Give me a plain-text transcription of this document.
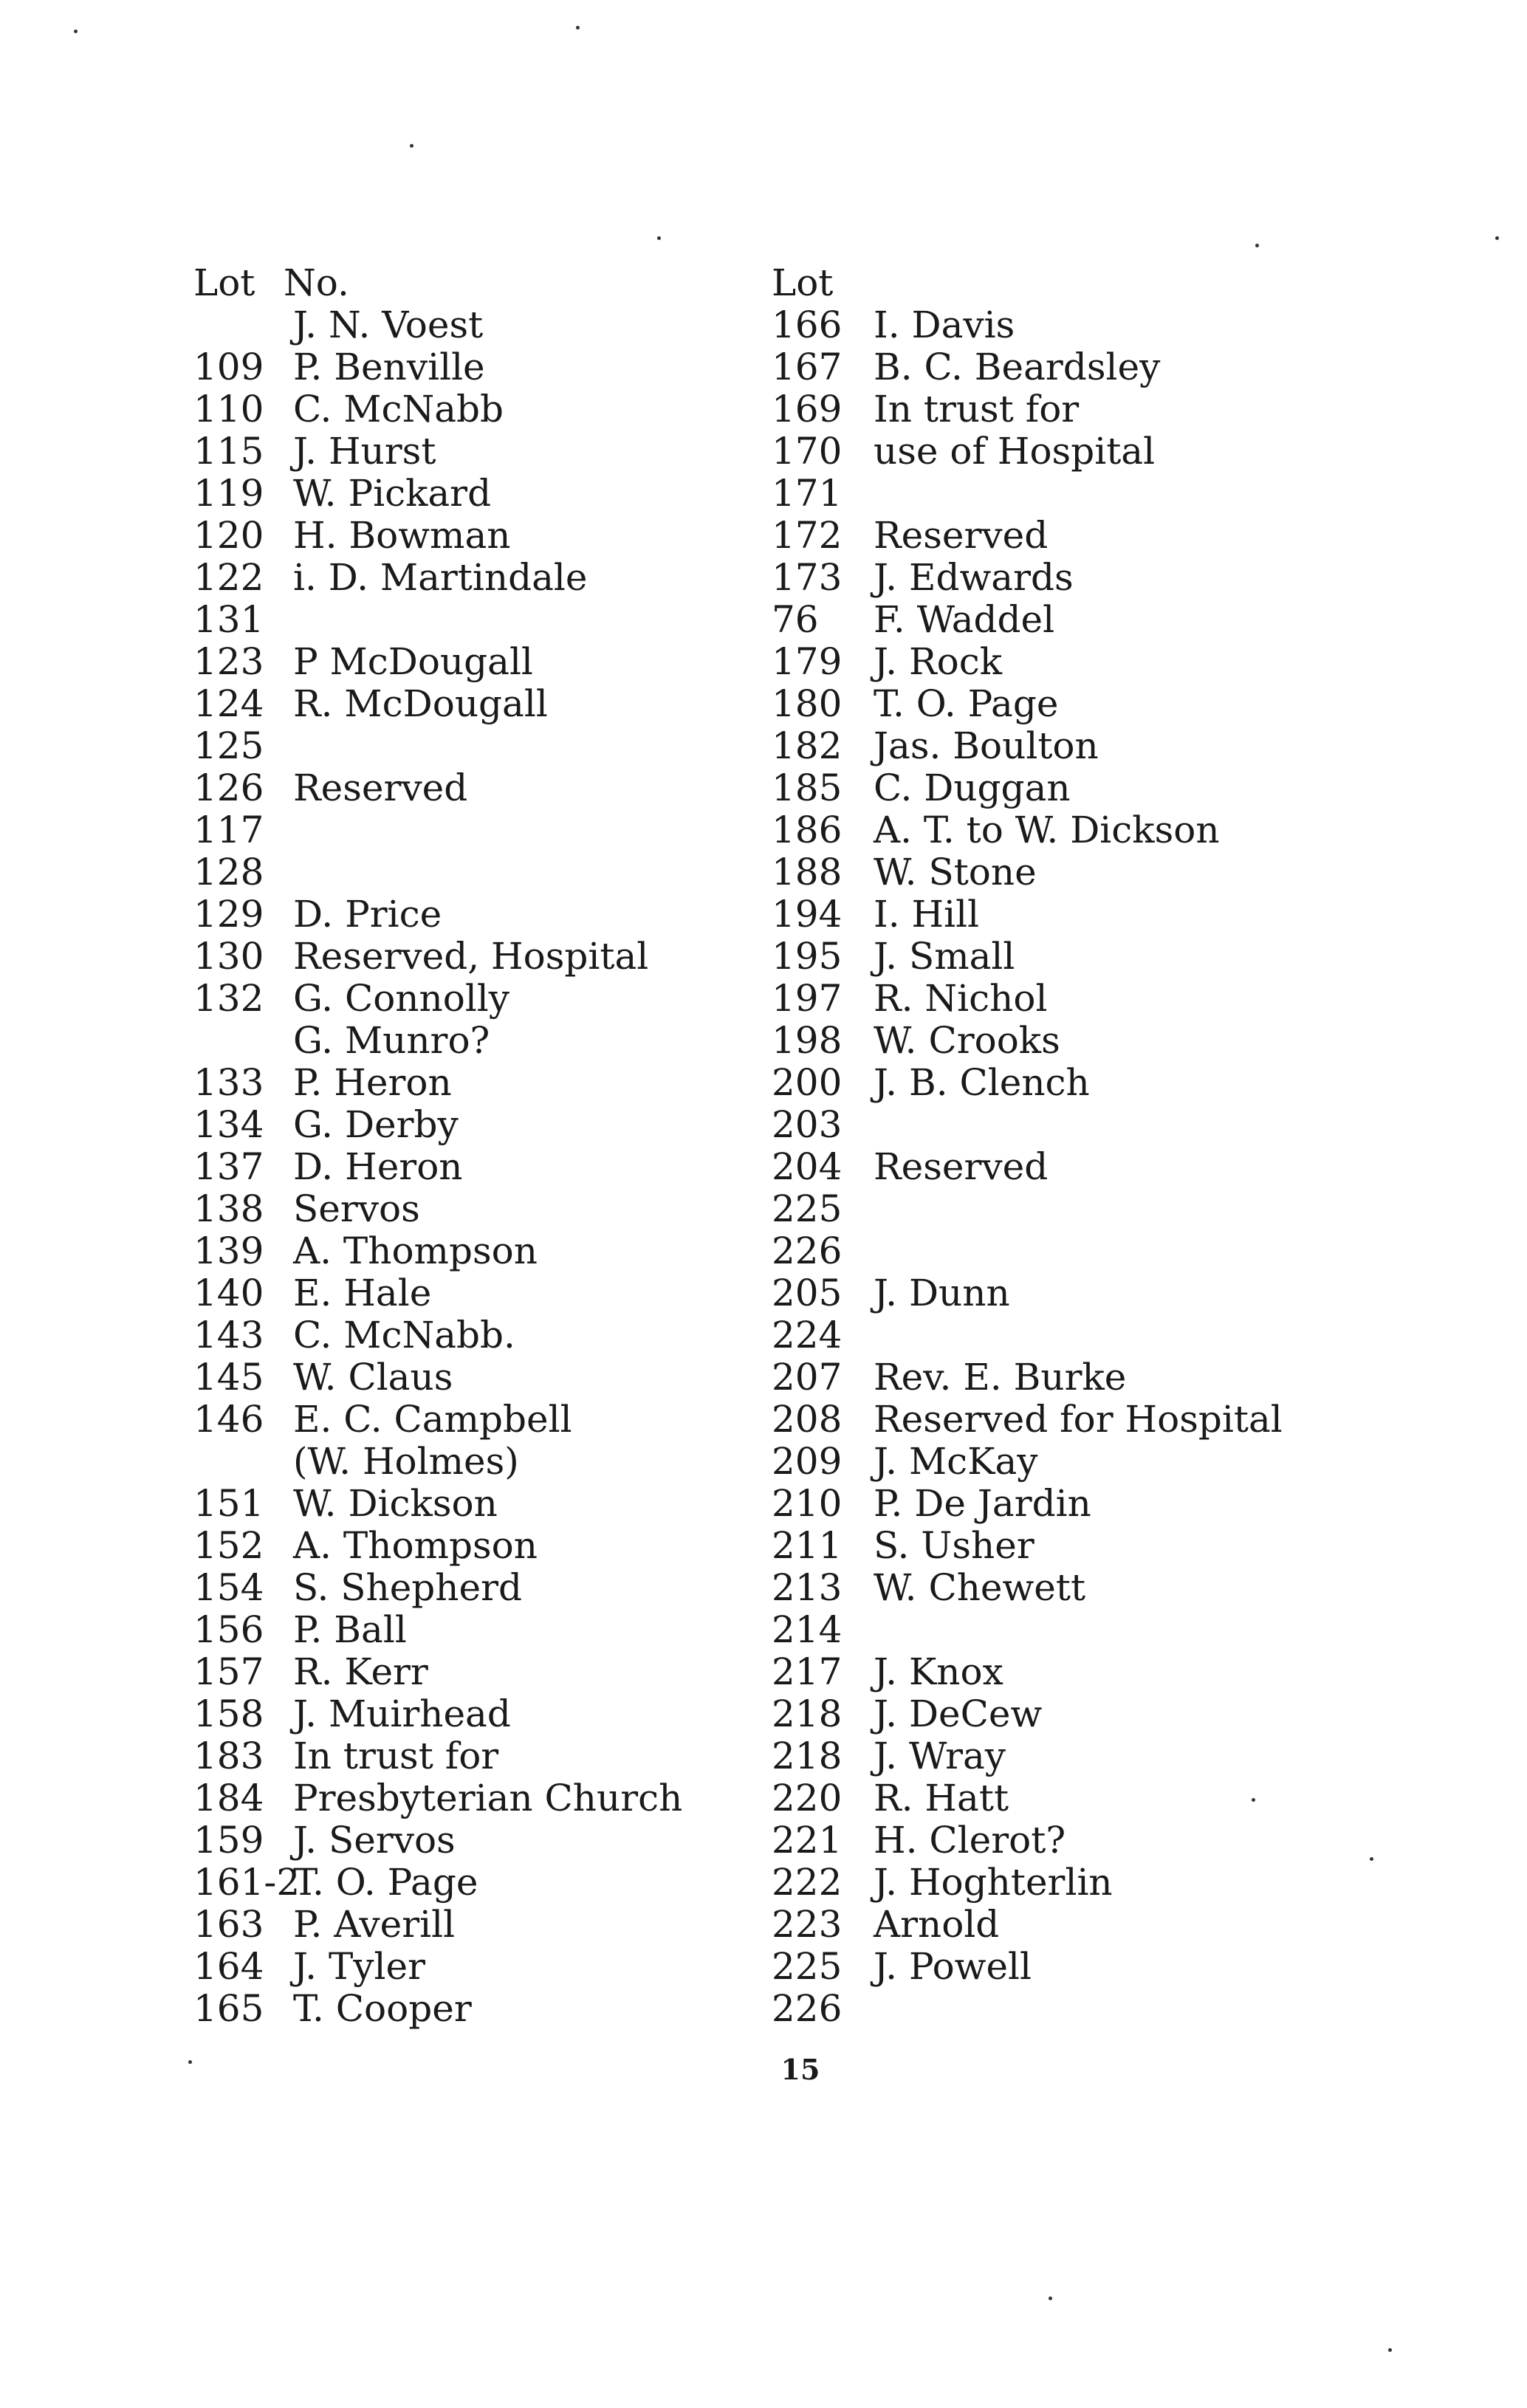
Lot No.
J. N. Voest
109 P. Benville
110 C. McNabb
115 J. Hurst
119 W. Pickard
120 H. Bowman
122 i. D. Martindale
131
123 P McDougall
124 R. McDougall
125
126 Reserved
117
128
129 D. Price
130 Reserved, Hospital
132 G. Connolly
G. Munro?
133 P. Heron
134 G. Derby
137 D. Heron
138 Servos
139 A. Thompson
140 E. Hale
143 C. McNabb.
145 W. Claus
146 E. C. Campbell
(W. Holmes)
151 W. Dickson
152 A. Thompson
154 S. Shepherd
156 P. Ball
157 R. Kerr
158 J. Muirhead
183 In trust for
184 Presbyterian Church
159 J. Servos
161-2
T. O. Page
163 P. Averill
164 J. Tyler
165 T. Cooper
Lot
166 I. Davis
167 B. C. Beardsley
169 In trust for
170 use of Hospital
171
172 Reserved
173 J. Edwards
76	F. Waddel
179 J. Rock
180 T. O. Page
182 Jas. Boulton
185 C. Duggan
186 A. T. to W. Dickson
188 W. Stone
194 I. Hill
195 J. Small
197 R. Nichol
198 W. Crooks
200 J. B. Clench
203
204 Reserved
225
226
205 J. Dunn
224
207 Rev. E. Burke
208 Reserved for Hospital
209 J. McKay
210 P. De Jardin
211 S. Usher
213 W. Chewett
214
217 J. Knox
218 J. DeCew
218 J. Wray
220 R. Hatt
221 H. Clerot?
222 J. Hoghterlin
223 Arnold
225 J. Powell
226
15
